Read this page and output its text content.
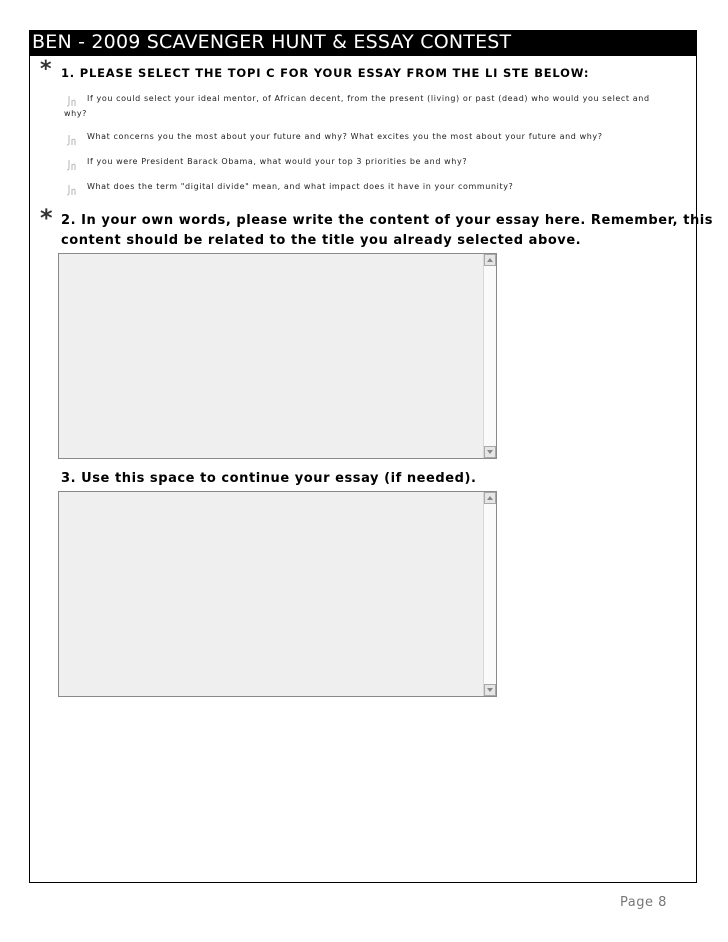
BEN - 2009 SCAVENGER HUNT & ESSAY CONTEST
* 1. PLEASE SELECT THE TOPI C FOR YOUR ESSAY FROM THE LI STE BELOW:
If you could select your ideal mentor, of African decent, from the present (living) or past (dead) who would you select and
why?
What concerns you the most about your future and why? What excites you the most about your future and why?
If you were President Barack Obama, what would your top 3 priorities be and why?
What does the term "digital divide" mean, and what impact does it have in your community?
* 2. In your own words, please write the content of your essay here. Remember, this
content should be related to the title you already selected above.
3. Use this space to continue your essay (if needed).
Page 8
